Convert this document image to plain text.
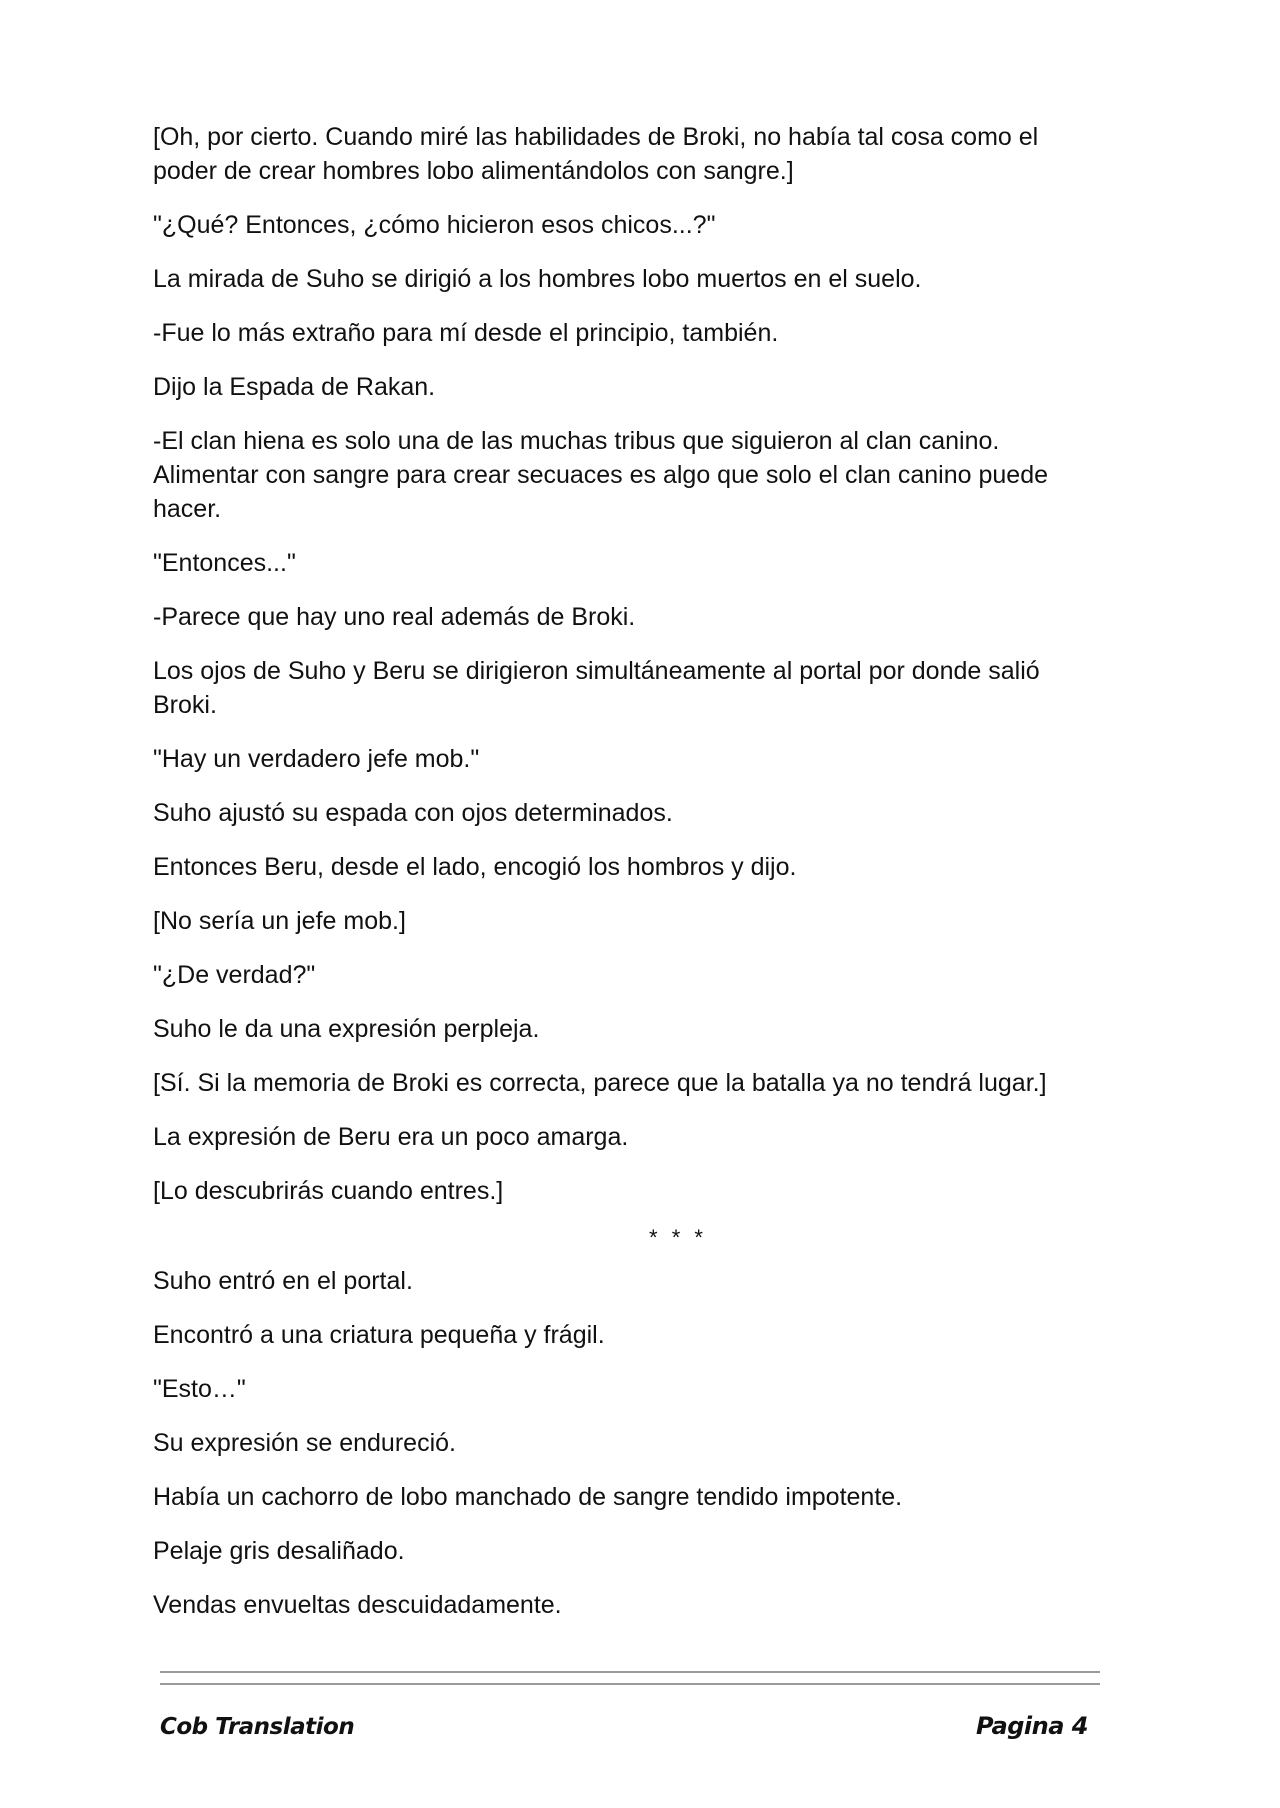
[Oh, por cierto. Cuando miré las habilidades de Broki, no había tal cosa como el poder de crear hombres lobo alimentándolos con sangre.]

"¿Qué? Entonces, ¿cómo hicieron esos chicos...?"

La mirada de Suho se dirigió a los hombres lobo muertos en el suelo.

-Fue lo más extraño para mí desde el principio, también.

Dijo la Espada de Rakan.

-El clan hiena es solo una de las muchas tribus que siguieron al clan canino. Alimentar con sangre para crear secuaces es algo que solo el clan canino puede hacer.

"Entonces..."

-Parece que hay uno real además de Broki.

Los ojos de Suho y Beru se dirigieron simultáneamente al portal por donde salió Broki.

"Hay un verdadero jefe mob."

Suho ajustó su espada con ojos determinados.

Entonces Beru, desde el lado, encogió los hombros y dijo.

[No sería un jefe mob.]

"¿De verdad?"

Suho le da una expresión perpleja.

[Sí. Si la memoria de Broki es correcta, parece que la batalla ya no tendrá lugar.]

La expresión de Beru era un poco amarga.

[Lo descubrirás cuando entres.]

* * *

Suho entró en el portal.

Encontró a una criatura pequeña y frágil.

"Esto…"

Su expresión se endureció.

Había un cachorro de lobo manchado de sangre tendido impotente.

Pelaje gris desaliñado.

Vendas envueltas descuidadamente.

Cob Translation	Pagina 4
